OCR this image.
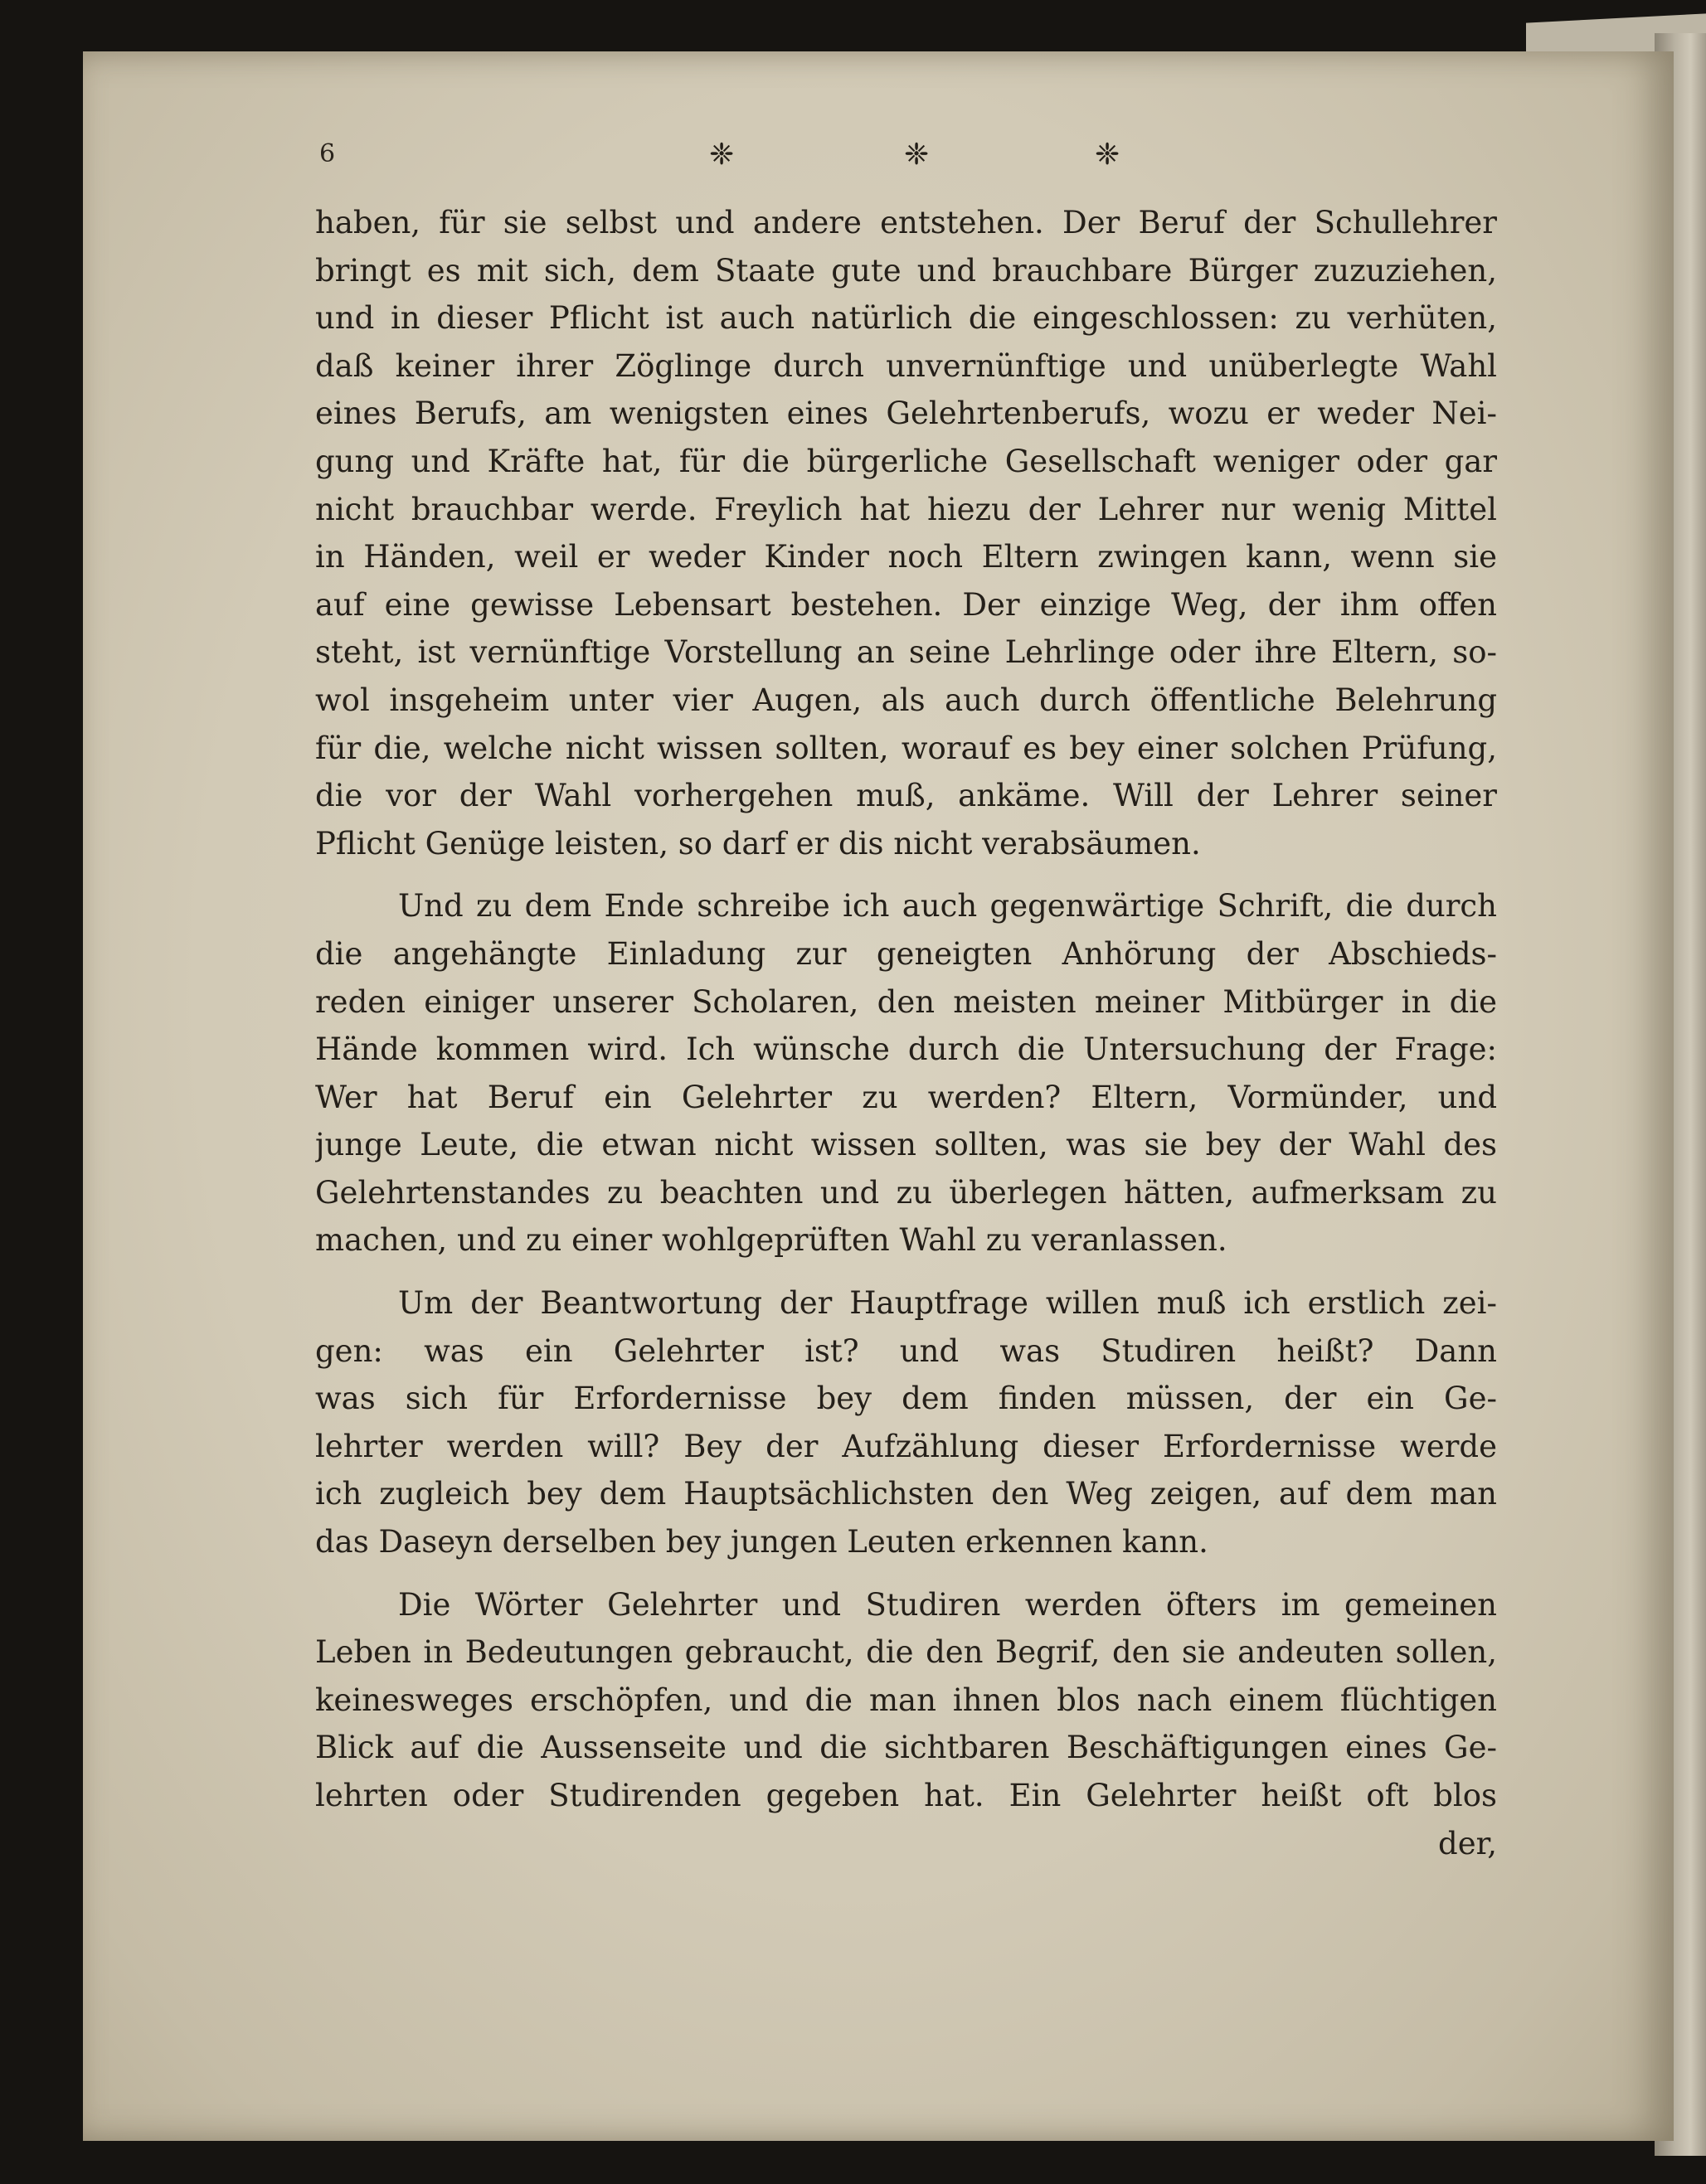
6	❈	❈	❈
haben, für sie selbst und andere entstehen. Der Beruf der Schullehrer
bringt es mit sich, dem Staate gute und brauchbare Bürger zuzuziehen,
und in dieser Pflicht ist auch natürlich die eingeschlossen: zu verhüten,
daß keiner ihrer Zöglinge durch unvernünftige und unüberlegte Wahl
eines Berufs, am wenigsten eines Gelehrtenberufs, wozu er weder Nei-
gung und Kräfte hat, für die bürgerliche Gesellschaft weniger oder gar
nicht brauchbar werde. Freylich hat hiezu der Lehrer nur wenig Mittel
in Händen, weil er weder Kinder noch Eltern zwingen kann, wenn sie
auf eine gewisse Lebensart bestehen. Der einzige Weg, der ihm offen
steht, ist vernünftige Vorstellung an seine Lehrlinge oder ihre Eltern, so-
wol insgeheim unter vier Augen, als auch durch öffentliche Belehrung
für die, welche nicht wissen sollten, worauf es bey einer solchen Prüfung,
die vor der Wahl vorhergehen muß, ankäme. Will der Lehrer seiner
Pflicht Genüge leisten, so darf er dis nicht verabsäumen.
Und zu dem Ende schreibe ich auch gegenwärtige Schrift, die durch
die angehängte Einladung zur geneigten Anhörung der Abschieds-
reden einiger unserer Scholaren, den meisten meiner Mitbürger in die
Hände kommen wird. Ich wünsche durch die Untersuchung der Frage:
Wer hat Beruf ein Gelehrter zu werden? Eltern, Vormünder, und
junge Leute, die etwan nicht wissen sollten, was sie bey der Wahl des
Gelehrtenstandes zu beachten und zu überlegen hätten, aufmerksam zu
machen, und zu einer wohlgeprüften Wahl zu veranlassen.
Um der Beantwortung der Hauptfrage willen muß ich erstlich zei-
gen: was ein Gelehrter ist? und was Studiren heißt? Dann
was sich für Erfordernisse bey dem finden müssen, der ein Ge-
lehrter werden will? Bey der Aufzählung dieser Erfordernisse werde
ich zugleich bey dem Hauptsächlichsten den Weg zeigen, auf dem man
das Daseyn derselben bey jungen Leuten erkennen kann.
Die Wörter Gelehrter und Studiren werden öfters im gemeinen
Leben in Bedeutungen gebraucht, die den Begrif, den sie andeuten sollen,
keinesweges erschöpfen, und die man ihnen blos nach einem flüchtigen
Blick auf die Aussenseite und die sichtbaren Beschäftigungen eines Ge-
lehrten oder Studirenden gegeben hat. Ein Gelehrter heißt oft blos
der,
